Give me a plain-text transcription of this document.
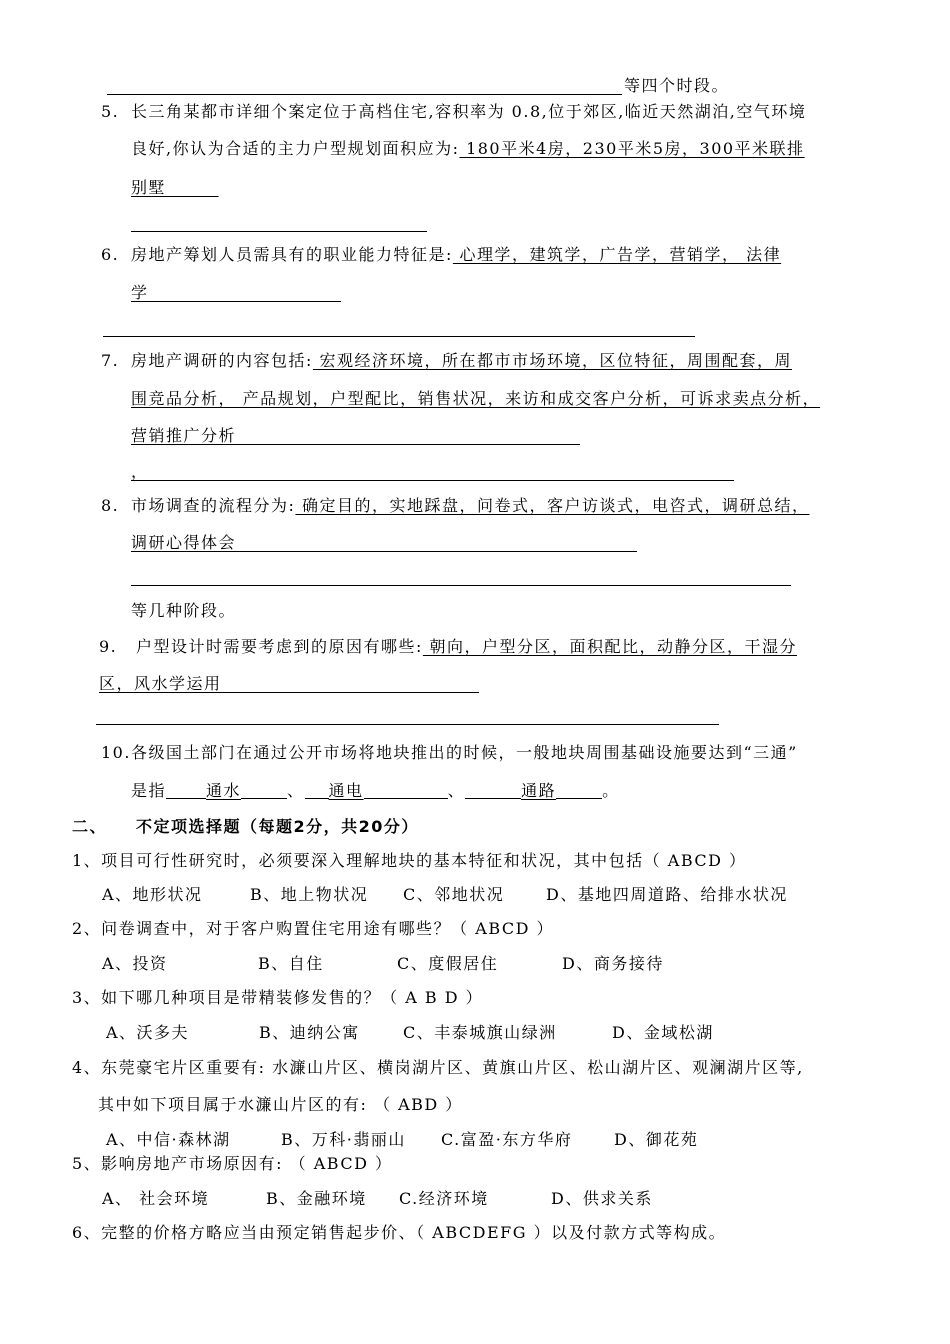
等四个时段。
5. 长三角某都市详细个案定位于高档住宅,容积率为 0.8,位于郊区,临近天然湖泊,空气环境
良好,你认为合适的主力户型规划面积应为: 180平米4房，230平米5房，300平米联排
别墅   
6. 房地产筹划人员需具有的职业能力特征是: 心理学，建筑学，广告学，营销学， 法律
学           
7. 房地产调研的内容包括: 宏观经济环境，所在都市市场环境，区位特征，周围配套，周
围竞品分析， 产品规划，户型配比，销售状况，来访和成交客户分析，可诉求卖点分析，
营销推广分析
，
8. 市场调查的流程分为: 确定目的，实地踩盘，问卷式，客户访谈式，电咨式，调研总结，
调研心得体会
等几种阶段。
9. 户型设计时需要考虑到的原因有哪些: 朝向，户型分区，面积配比，动静分区，干湿分
区，风水学运用
10.各级国土部门在通过公开市场将地块推出的时候，一般地块周围基础设施要达到“三通”
是指	通水	、 通电	、	通路	。
二、 不定项选择题（每题2分，共20分）
1、项目可行性研究时，必须要深入理解地块的基本特征和状况，其中包括（ ABCD ）
A、地形状况	B、地上物状况 C、邻地状况	D、基地四周道路、给排水状况
2、问卷调查中，对于客户购置住宅用途有哪些？（ ABCD ）
A、投资	B、自住	C、度假居住	D、商务接待
3、如下哪几种项目是带精装修发售的？（ A B D ）
A、沃多夫	B、迪纳公寓	C、丰泰城旗山绿洲	D、金域松湖
4、东莞豪宅片区重要有: 水濂山片区、横岗湖片区、黄旗山片区、松山湖片区、观澜湖片区等,
其中如下项目属于水濂山片区的有: （ ABD ）
A、中信·森林湖	B、万科·翡丽山 C.富盈·东方华府	D、御花苑
5、影响房地产市场原因有: （ ABCD ）
A、 社会环境	B、金融环境 C.经济环境	D、供求关系
6、完整的价格方略应当由预定销售起步价、（ ABCDEFG ）以及付款方式等构成。
